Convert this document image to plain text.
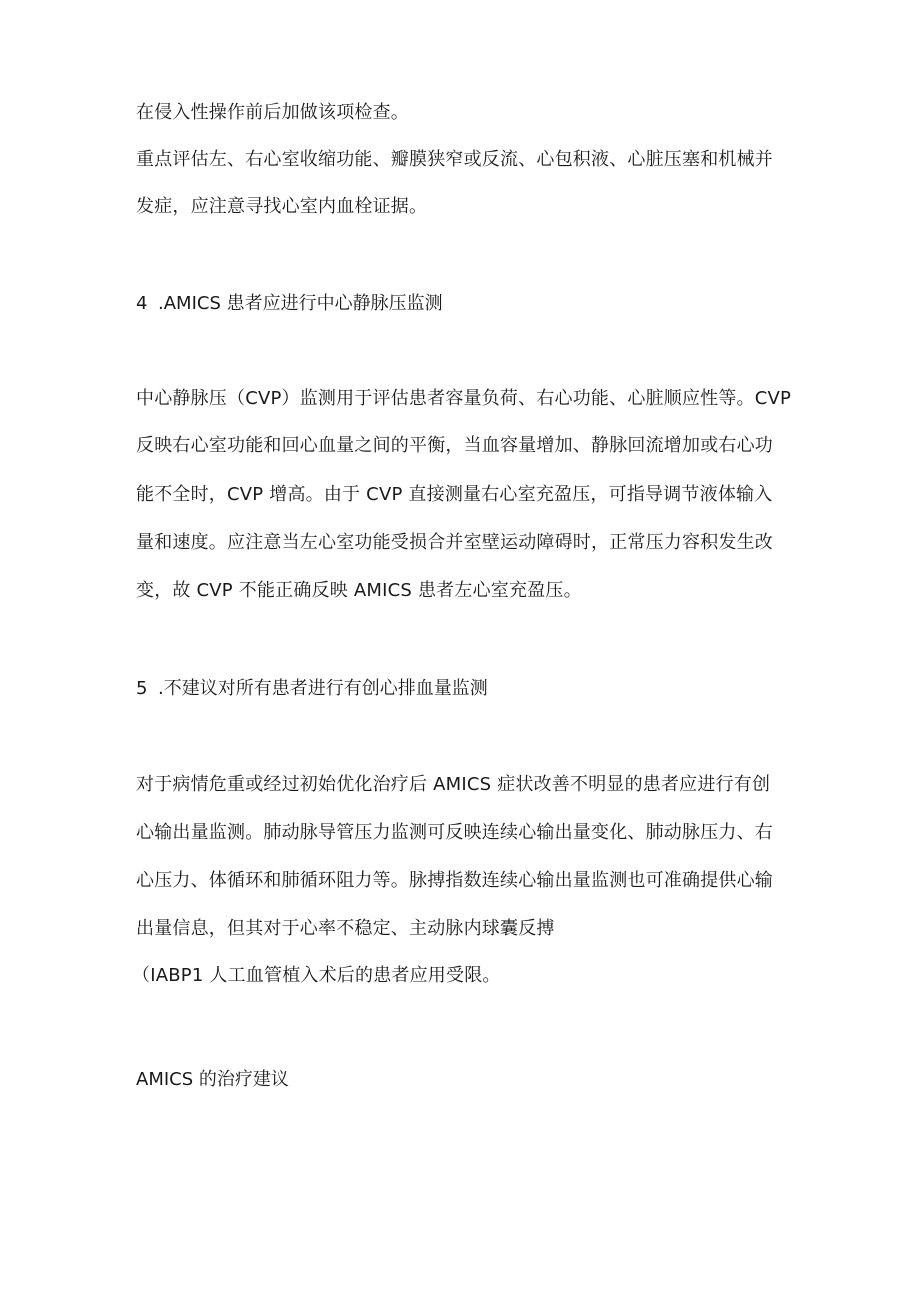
在侵入性操作前后加做该项检查。
重点评估左、右心室收缩功能、瓣膜狭窄或反流、心包积液、心脏压塞和机械并
发症，应注意寻找心室内血栓证据。
4 .AMICS 患者应进行中心静脉压监测
中心静脉压（CVP）监测用于评估患者容量负荷、右心功能、心脏顺应性等。CVP
反映右心室功能和回心血量之间的平衡，当血容量增加、静脉回流增加或右心功
能不全时，CVP 增高。由于 CVP 直接测量右心室充盈压，可指导调节液体输入
量和速度。应注意当左心室功能受损合并室壁运动障碍时，正常压力容积发生改
变，故 CVP 不能正确反映 AMICS 患者左心室充盈压。
5 .不建议对所有患者进行有创心排血量监测
对于病情危重或经过初始优化治疗后 AMICS 症状改善不明显的患者应进行有创
心输出量监测。肺动脉导管压力监测可反映连续心输出量变化、肺动脉压力、右
心压力、体循环和肺循环阻力等。脉搏指数连续心输出量监测也可准确提供心输
出量信息，但其对于心率不稳定、主动脉内球囊反搏
（IABP1 人工血管植入术后的患者应用受限。
AMICS 的治疗建议
